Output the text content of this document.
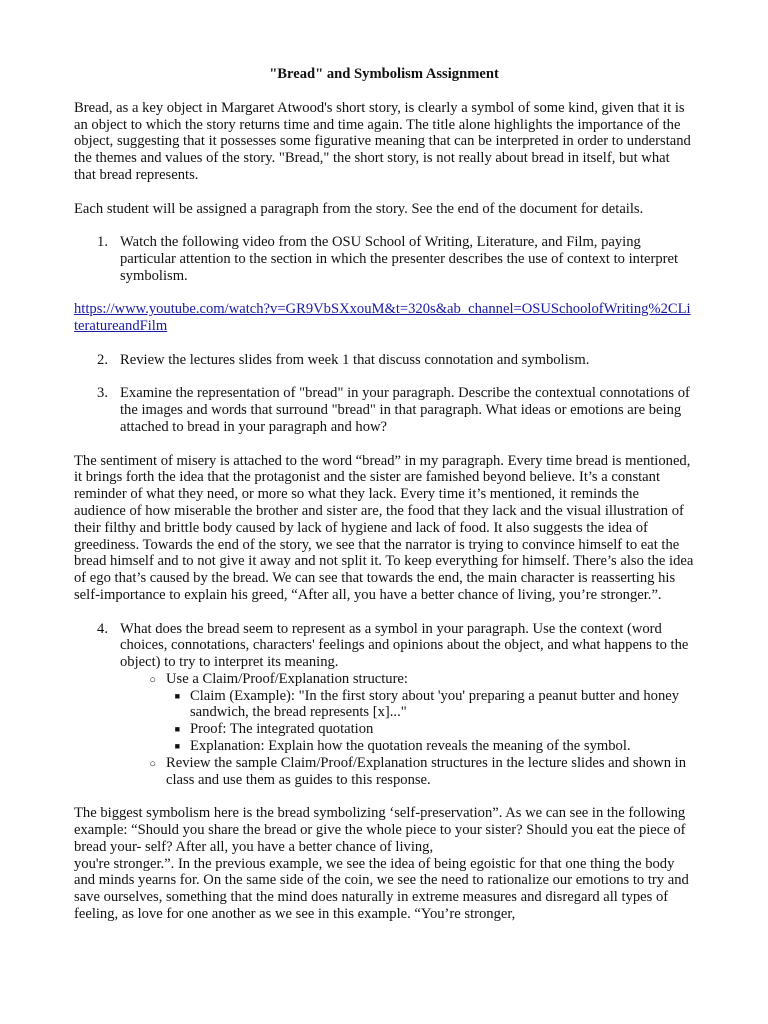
"Bread" and Symbolism Assignment

Bread, as a key object in Margaret Atwood's short story, is clearly a symbol of some kind, given that it is an object to which the story returns time and time again. The title alone highlights the importance of the object, suggesting that it possesses some figurative meaning that can be interpreted in order to understand the themes and values of the story. "Bread," the short story, is not really about bread in itself, but what that bread represents.

Each student will be assigned a paragraph from the story. See the end of the document for details.

1. Watch the following video from the OSU School of Writing, Literature, and Film, paying particular attention to the section in which the presenter describes the use of context to interpret symbolism.

https://www.youtube.com/watch?v=GR9VbSXxouM&t=320s&ab_channel=OSUSchoolofWriting%2CLiteratureandFilm

2. Review the lectures slides from week 1 that discuss connotation and symbolism.
3. Examine the representation of "bread" in your paragraph. Describe the contextual connotations of the images and words that surround "bread" in that paragraph. What ideas or emotions are being attached to bread in your paragraph and how?

The sentiment of misery is attached to the word “bread” in my paragraph. Every time bread is mentioned, it brings forth the idea that the protagonist and the sister are famished beyond believe. It’s a constant reminder of what they need, or more so what they lack. Every time it’s mentioned, it reminds the audience of how miserable the brother and sister are, the food that they lack and the visual illustration of their filthy and brittle body caused by lack of hygiene and lack of food. It also suggests the idea of greediness. Towards the end of the story, we see that the narrator is trying to convince himself to eat the bread himself and to not give it away and not split it. To keep everything for himself. There’s also the idea of ego that’s caused by the bread. We can see that towards the end, the main character is reasserting his self-importance to explain his greed, “After all, you have a better chance of living, you’re stronger.”.

4. What does the bread seem to represent as a symbol in your paragraph. Use the context (word choices, connotations, characters' feelings and opinions about the object, and what happens to the object) to try to interpret its meaning.
○ Use a Claim/Proof/Explanation structure:
■ Claim (Example): "In the first story about 'you' preparing a peanut butter and honey sandwich, the bread represents [x]..."
■ Proof: The integrated quotation
■ Explanation: Explain how the quotation reveals the meaning of the symbol.
○ Review the sample Claim/Proof/Explanation structures in the lecture slides and shown in class and use them as guides to this response.
The biggest symbolism here is the bread symbolizing ‘self-preservation”. As we can see in the following example: “Should you share the bread or give the whole piece to your sister? Should you eat the piece of bread your- self? After all, you have a better chance of living,
you're stronger.”. In the previous example, we see the idea of being egoistic for that one thing the body and minds yearns for. On the same side of the coin, we see the need to rationalize our emotions to try and save ourselves, something that the mind does naturally in extreme measures and disregard all types of feeling, as love for one another as we see in this example. “You’re stronger,
